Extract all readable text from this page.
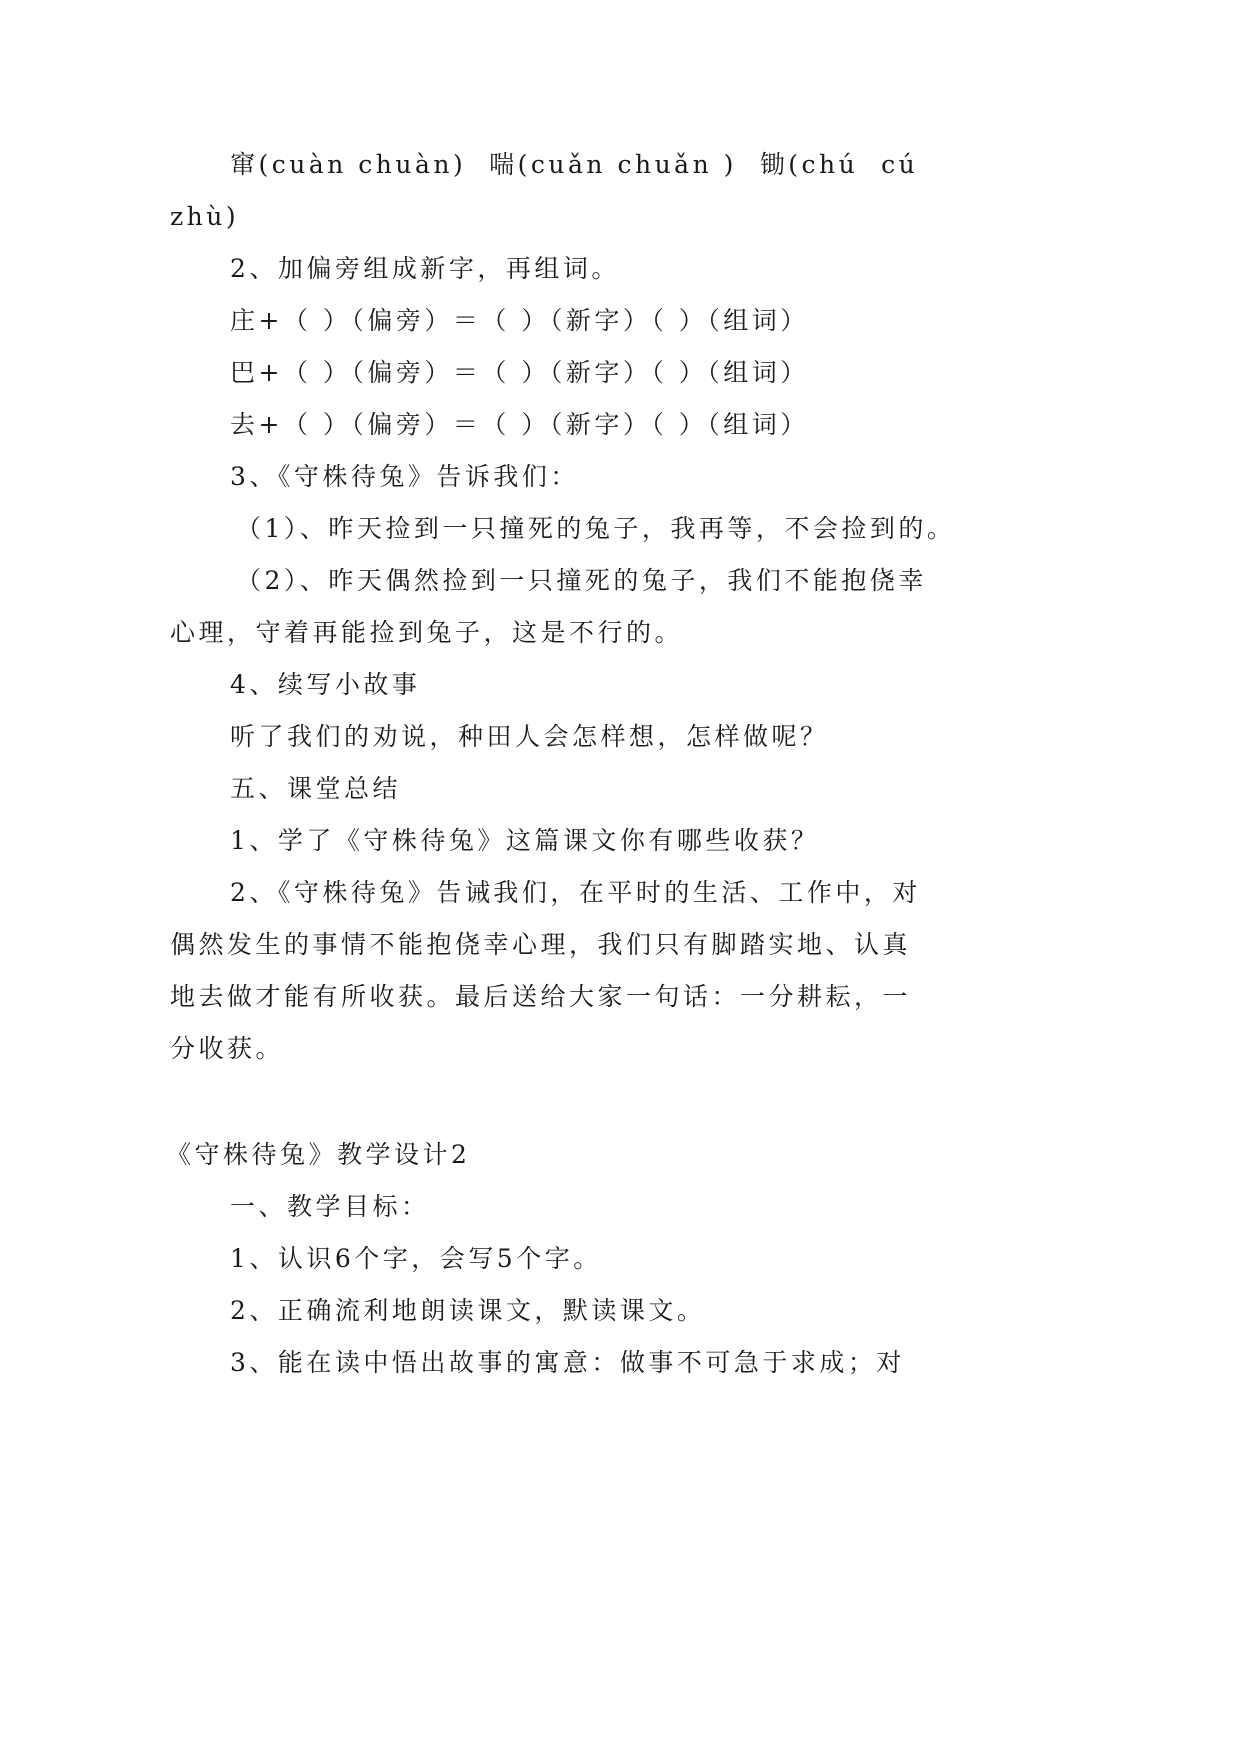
窜(cuàn chuàn)  喘(cuǎn chuǎn )  锄(chú  cú
zhù)
2、加偏旁组成新字，再组词。
庄+（ ）（偏旁）＝（ ）（新字）（ ）（组词）
巴+（ ）（偏旁）＝（ ）（新字）（ ）（组词）
去+（ ）（偏旁）＝（ ）（新字）（ ）（组词）
3、《守株待兔》告诉我们：
（1）、昨天捡到一只撞死的兔子，我再等，不会捡到的。
（2）、昨天偶然捡到一只撞死的兔子，我们不能抱侥幸
心理，守着再能捡到兔子，这是不行的。
4、续写小故事
听了我们的劝说，种田人会怎样想，怎样做呢？
五、课堂总结
1、学了《守株待兔》这篇课文你有哪些收获？
2、《守株待兔》告诫我们，在平时的生活、工作中，对
偶然发生的事情不能抱侥幸心理，我们只有脚踏实地、认真
地去做才能有所收获。最后送给大家一句话：一分耕耘，一
分收获。
《守株待兔》教学设计2
一、教学目标：
1、认识6个字，会写5个字。
2、正确流利地朗读课文，默读课文。
3、能在读中悟出故事的寓意：做事不可急于求成；对
